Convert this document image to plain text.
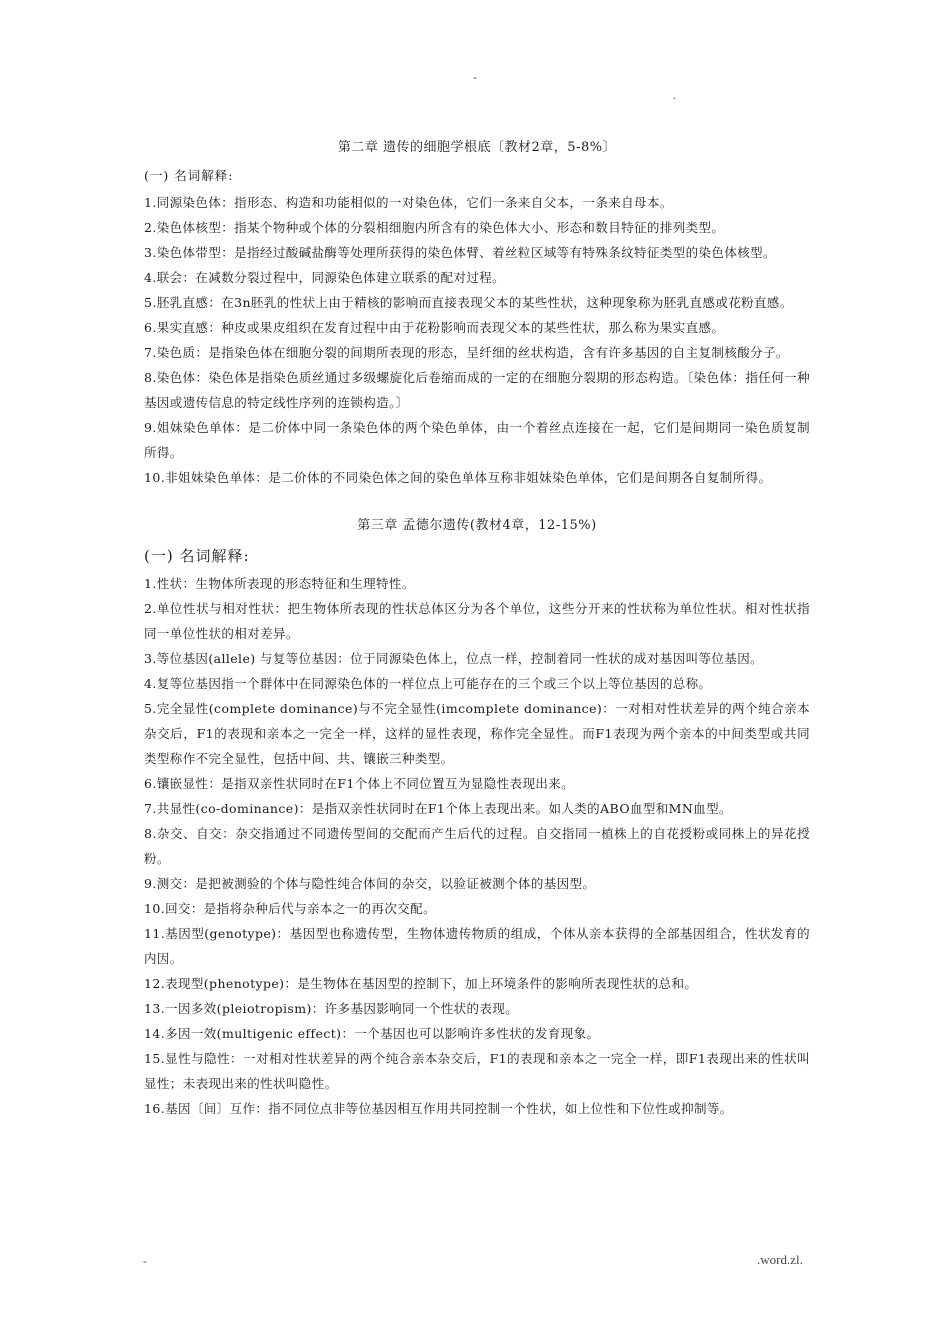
-
.
第二章 遗传的细胞学根底〔教材2章，5-8%〕
(一) 名词解释:

1.同源染色体：指形态、构造和功能相似的一对染色体，它们一条来自父本，一条来自母本。

2.染色体核型：指某个物种或个体的分裂相细胞内所含有的染色体大小、形态和数目特征的排列类型。

3.染色体带型：是指经过酸碱盐酶等处理所获得的染色体臂、着丝粒区域等有特殊条纹特征类型的染色体核型。

4.联会：在减数分裂过程中，同源染色体建立联系的配对过程。

5.胚乳直感：在3n胚乳的性状上由于精核的影响而直接表现父本的某些性状，这种现象称为胚乳直感或花粉直感。

6.果实直感：种皮或果皮组织在发育过程中由于花粉影响而表现父本的某些性状，那么称为果实直感。

7.染色质：是指染色体在细胞分裂的间期所表现的形态，呈纤细的丝状构造，含有许多基因的自主复制核酸分子。

8.染色体：染色体是指染色质丝通过多级螺旋化后卷缩而成的一定的在细胞分裂期的形态构造。〔染色体：指任何一种基因或遗传信息的特定线性序列的连锁构造。〕

9.姐妹染色单体：是二价体中同一条染色体的两个染色单体，由一个着丝点连接在一起，它们是间期同一染色质复制所得。

10.非姐妹染色单体：是二价体的不同染色体之间的染色单体互称非姐妹染色单体，它们是间期各自复制所得。

第三章 孟德尔遗传(教材4章，12-15%)
(一) 名词解释:

1.性状：生物体所表现的形态特征和生理特性。

2.单位性状与相对性状：把生物体所表现的性状总体区分为各个单位，这些分开来的性状称为单位性状。相对性状指同一单位性状的相对差异。

3.等位基因(allele) 与复等位基因：位于同源染色体上，位点一样，控制着同一性状的成对基因叫等位基因。

4.复等位基因指一个群体中在同源染色体的一样位点上可能存在的三个或三个以上等位基因的总称。

5.完全显性(complete dominance)与不完全显性(imcomplete dominance)：一对相对性状差异的两个纯合亲本杂交后，F1的表现和亲本之一完全一样，这样的显性表现，称作完全显性。而F1表现为两个亲本的中间类型或共同类型称作不完全显性，包括中间、共、镶嵌三种类型。

6.镶嵌显性：是指双亲性状同时在F1个体上不同位置互为显隐性表现出来。

7.共显性(co-dominance)：是指双亲性状同时在F1个体上表现出来。如人类的ABO血型和MN血型。

8.杂交、自交：杂交指通过不同遗传型间的交配而产生后代的过程。自交指同一植株上的自花授粉或同株上的异花授粉。

9.测交：是把被测验的个体与隐性纯合体间的杂交，以验证被测个体的基因型。

10.回交：是指将杂种后代与亲本之一的再次交配。

11.基因型(genotype)：基因型也称遗传型，生物体遗传物质的组成，个体从亲本获得的全部基因组合，性状发育的内因。

12.表现型(phenotype)：是生物体在基因型的控制下，加上环境条件的影响所表现性状的总和。

13.一因多效(pleiotropism)：许多基因影响同一个性状的表现。

14.多因一效(multigenic effect)：一个基因也可以影响许多性状的发育现象。

15.显性与隐性：一对相对性状差异的两个纯合亲本杂交后，F1的表现和亲本之一完全一样，即F1表现出来的性状叫显性；未表现出来的性状叫隐性。

16.基因〔间〕互作：指不同位点非等位基因相互作用共同控制一个性状，如上位性和下位性或抑制等。

-	.word.zl.
